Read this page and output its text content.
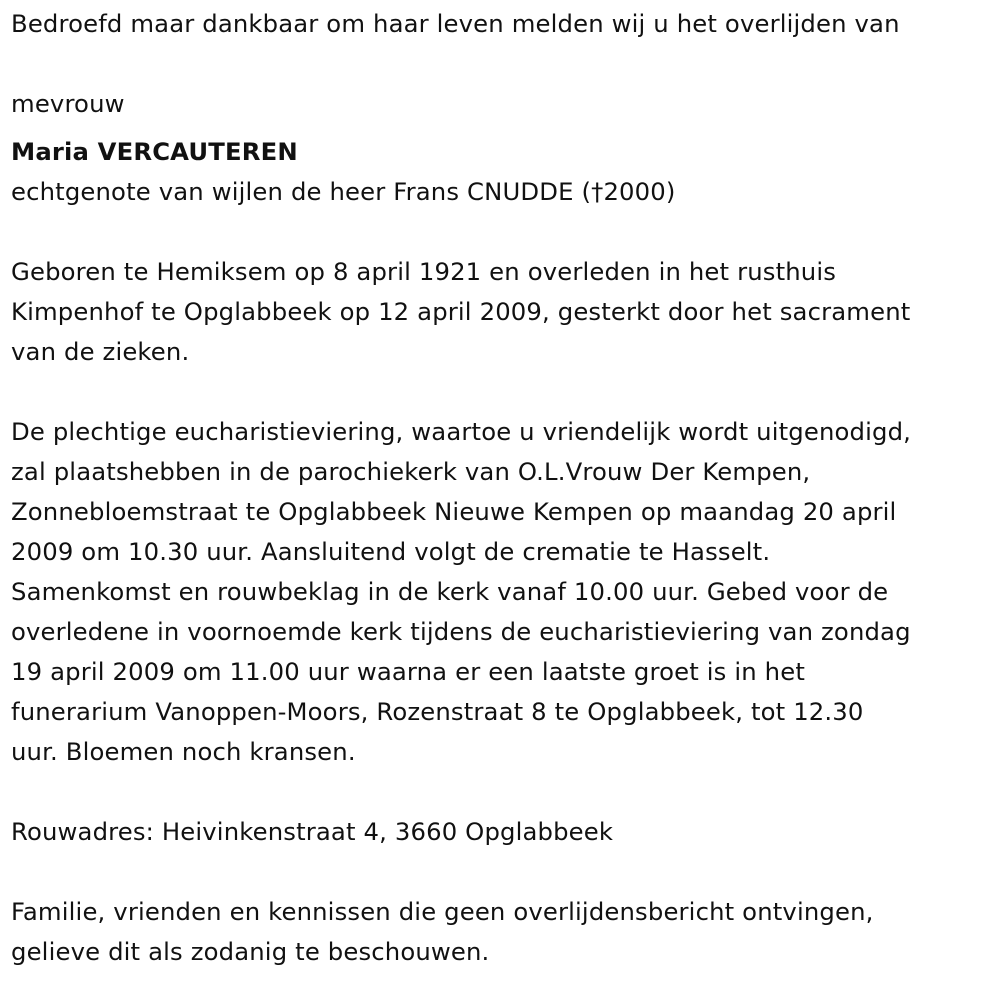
Bedroefd maar dankbaar om haar leven melden wij u het overlijden van

mevrouw

Maria VERCAUTEREN

echtgenote van wijlen de heer Frans CNUDDE (†2000)

Geboren te Hemiksem op 8 april 1921 en overleden in het rusthuis

Kimpenhof te Opglabbeek op 12 april 2009, gesterkt door het sacrament

van de zieken.

De plechtige eucharistieviering, waartoe u vriendelijk wordt uitgenodigd,

zal plaatshebben in de parochiekerk van O.L.Vrouw Der Kempen,

Zonnebloemstraat te Opglabbeek Nieuwe Kempen op maandag 20 april

2009 om 10.30 uur. Aansluitend volgt de crematie te Hasselt.

Samenkomst en rouwbeklag in de kerk vanaf 10.00 uur. Gebed voor de

overledene in voornoemde kerk tijdens de eucharistieviering van zondag

19 april 2009 om 11.00 uur waarna er een laatste groet is in het

funerarium Vanoppen-Moors, Rozenstraat 8 te Opglabbeek, tot 12.30

uur. Bloemen noch kransen.

Rouwadres: Heivinkenstraat 4, 3660 Opglabbeek

Familie, vrienden en kennissen die geen overlijdensbericht ontvingen,

gelieve dit als zodanig te beschouwen.
